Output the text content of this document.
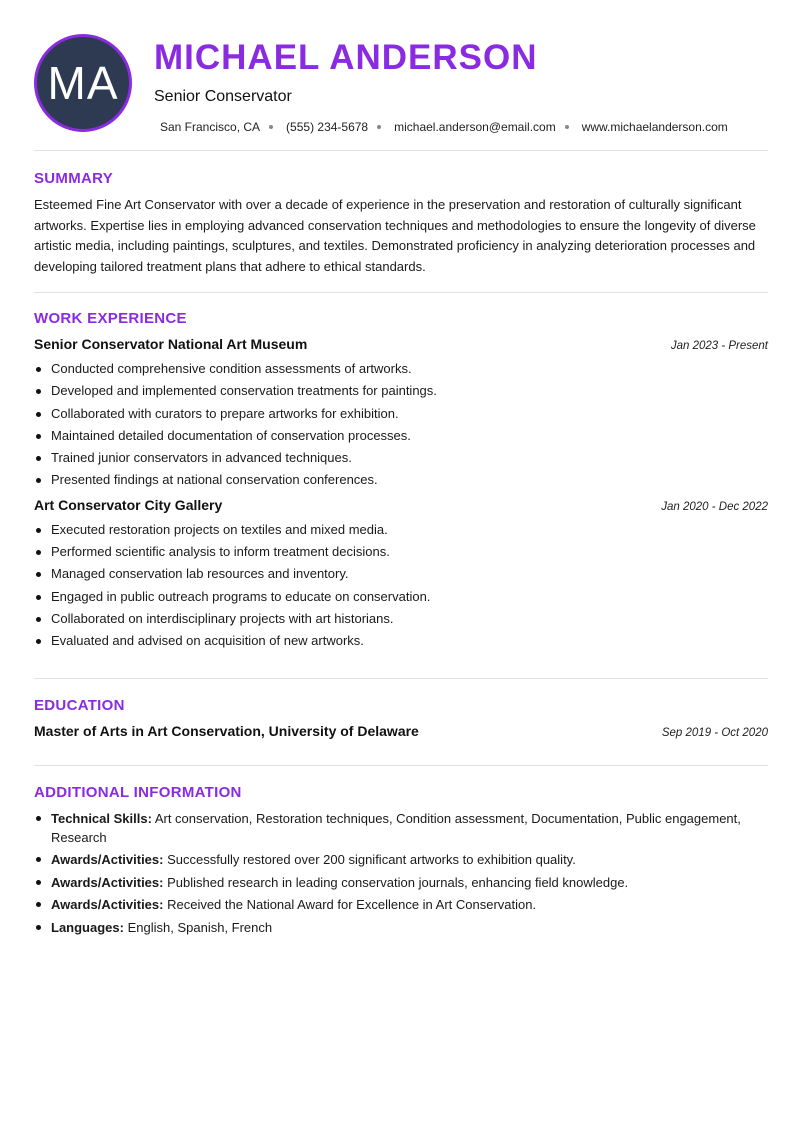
MA MICHAEL ANDERSON
Senior Conservator
San Francisco, CA (555) 234-5678 michael.anderson@email.com www.michaelanderson.com
SUMMARY

Esteemed Fine Art Conservator with over a decade of experience in the preservation and restoration of culturally significant artworks. Expertise lies in employing advanced conservation techniques and methodologies to ensure the longevity of diverse artistic media, including paintings, sculptures, and textiles. Demonstrated proficiency in analyzing deterioration processes and developing tailored treatment plans that adhere to ethical standards.

WORK EXPERIENCE
Senior Conservator National Art Museum	Jan 2023 - Present
Conducted comprehensive condition assessments of artworks.
Developed and implemented conservation treatments for paintings.
Collaborated with curators to prepare artworks for exhibition.
Maintained detailed documentation of conservation processes.
Trained junior conservators in advanced techniques.
Presented findings at national conservation conferences.
Art Conservator City Gallery	Jan 2020 - Dec 2022
Executed restoration projects on textiles and mixed media.
Performed scientific analysis to inform treatment decisions.
Managed conservation lab resources and inventory.
Engaged in public outreach programs to educate on conservation.
Collaborated on interdisciplinary projects with art historians.
Evaluated and advised on acquisition of new artworks.
EDUCATION
Master of Arts in Art Conservation, University of Delaware	Sep 2019 - Oct 2020
ADDITIONAL INFORMATION
Technical Skills: Art conservation, Restoration techniques, Condition assessment, Documentation, Public engagement, Research
Awards/Activities: Successfully restored over 200 significant artworks to exhibition quality.
Awards/Activities: Published research in leading conservation journals, enhancing field knowledge.
Awards/Activities: Received the National Award for Excellence in Art Conservation.
Languages: English, Spanish, French
